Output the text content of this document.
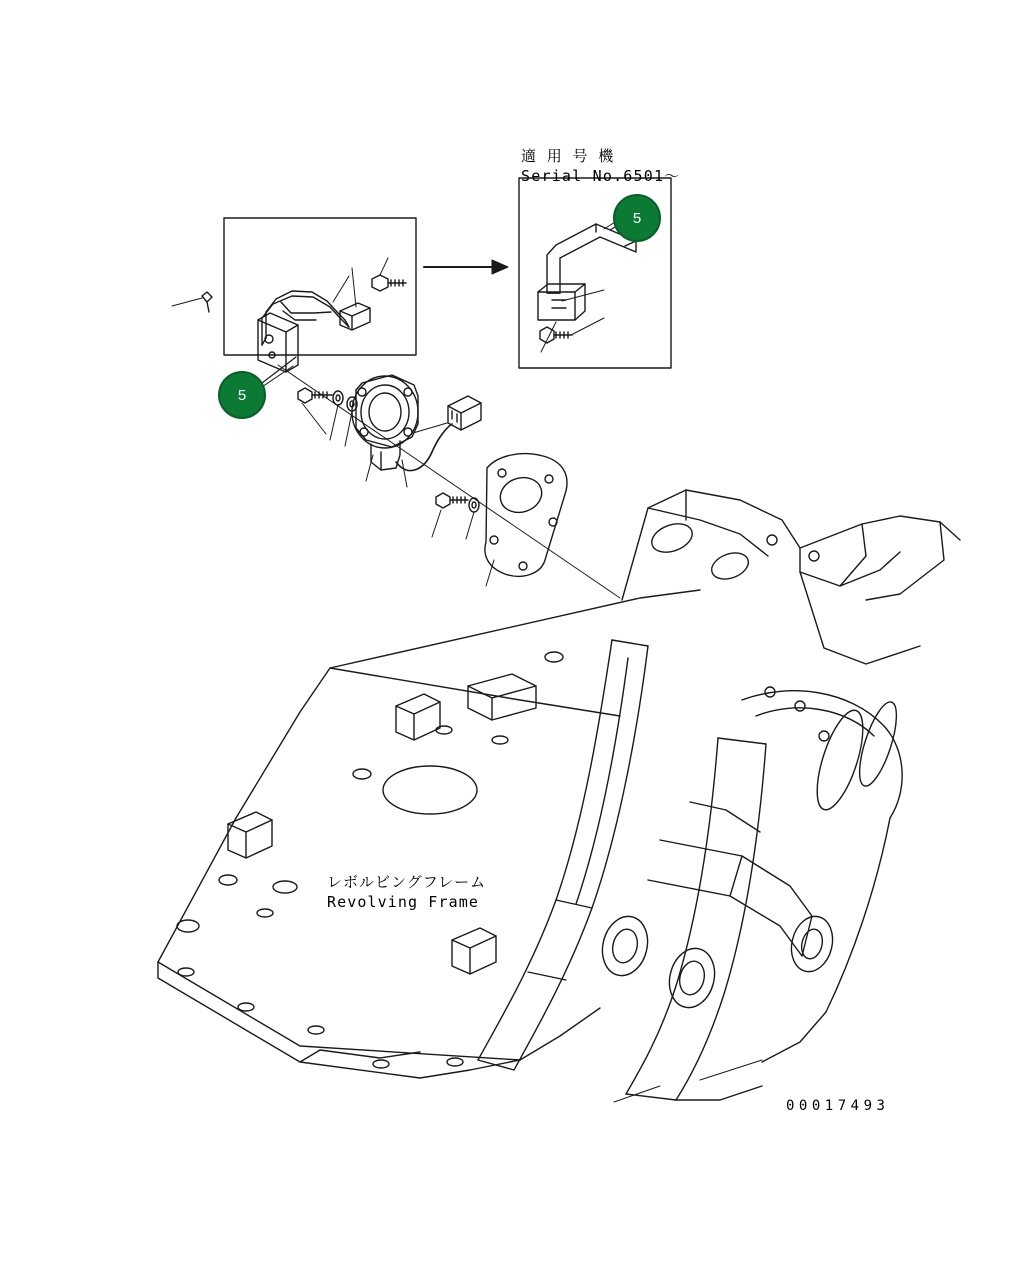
適 用 号 機
Serial No.6501〜
レボルビングフレーム
Revolving Frame
00017493
5
5
